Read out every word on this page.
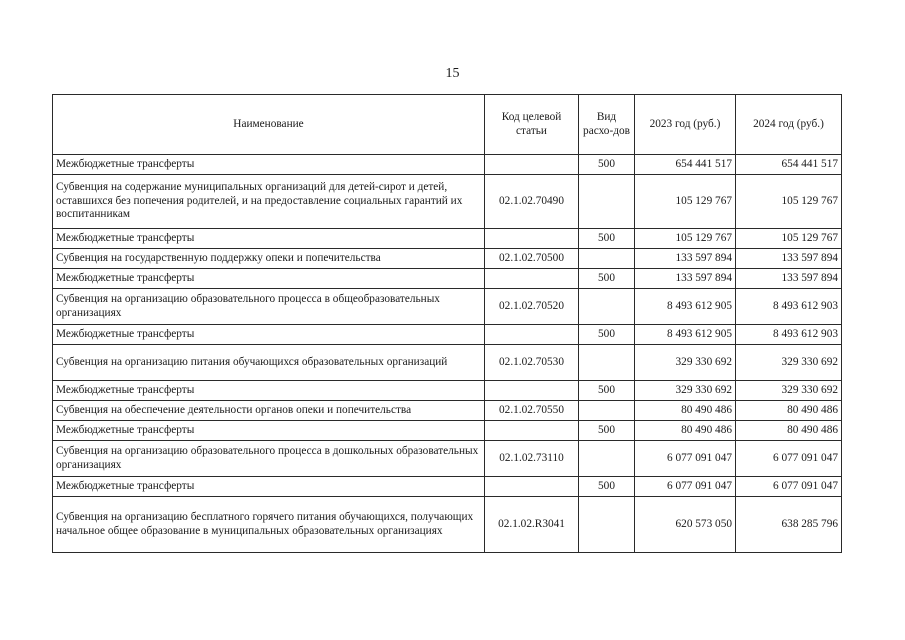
15
Наименование	Код целевой статьи	Вид расхо-дов	2023 год (руб.)	2024 год (руб.)
Межбюджетные трансферты		500	654 441 517	654 441 517
Субвенция на содержание муниципальных организаций для детей-сирот и детей, оставшихся без попечения родителей, и на предоставление социальных гарантий их воспитанникам	02.1.02.70490		105 129 767	105 129 767
Межбюджетные трансферты		500	105 129 767	105 129 767
Субвенция на государственную поддержку опеки и попечительства	02.1.02.70500		133 597 894	133 597 894
Межбюджетные трансферты		500	133 597 894	133 597 894
Субвенция на организацию образовательного процесса в общеобразовательных организациях	02.1.02.70520		8 493 612 905	8 493 612 903
Межбюджетные трансферты		500	8 493 612 905	8 493 612 903
Субвенция на организацию питания обучающихся образовательных организаций	02.1.02.70530		329 330 692	329 330 692
Межбюджетные трансферты		500	329 330 692	329 330 692
Субвенция на обеспечение деятельности органов опеки и попечительства	02.1.02.70550		80 490 486	80 490 486
Межбюджетные трансферты		500	80 490 486	80 490 486
Субвенция на организацию образовательного процесса в дошкольных образовательных организациях	02.1.02.73110		6 077 091 047	6 077 091 047
Межбюджетные трансферты		500	6 077 091 047	6 077 091 047
Субвенция на организацию бесплатного горячего питания обучающихся, получающих начальное общее образование в муниципальных образовательных организациях	02.1.02.R3041		620 573 050	638 285 796
